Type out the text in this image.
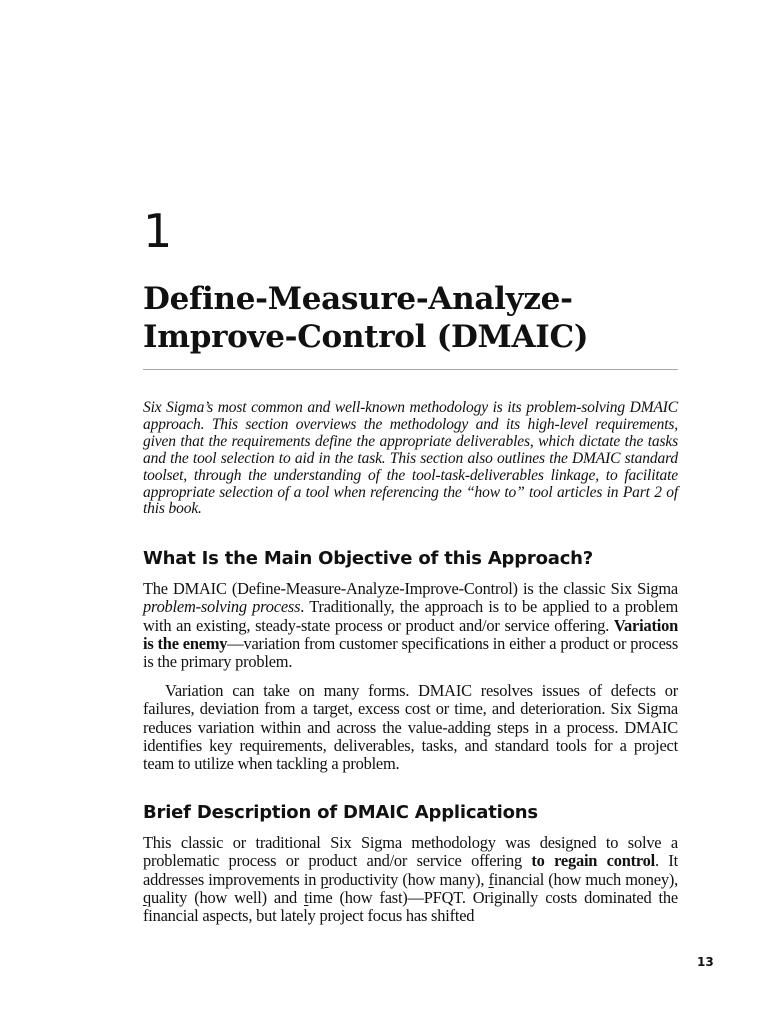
1
Define-Measure-Analyze-
Improve-Control (DMAIC)

Six Sigma’s most common and well-known methodology is its problem-solving DMAIC approach. This section overviews the methodology and its high-level requirements, given that the requirements define the appropriate deliverables, which dictate the tasks and the tool selection to aid in the task. This section also outlines the DMAIC standard toolset, through the understanding of the tool-task-deliverables linkage, to facilitate appropriate selection of a tool when referencing the “how to” tool articles in Part 2 of this book.

What Is the Main Objective of this Approach?

The DMAIC (Define-Measure-Analyze-Improve-Control) is the classic Six Sigma problem-solving process. Traditionally, the approach is to be applied to a problem with an existing, steady-state process or product and/or service offering. Variation is the enemy—variation from customer specifications in either a product or process is the primary problem.

Variation can take on many forms. DMAIC resolves issues of defects or failures, deviation from a target, excess cost or time, and deterioration. Six Sigma reduces variation within and across the value-adding steps in a process. DMAIC identifies key requirements, deliverables, tasks, and standard tools for a project team to utilize when tackling a problem.

Brief Description of DMAIC Applications

This classic or traditional Six Sigma methodology was designed to solve a problematic process or product and/or service offering to regain control. It addresses improvements in productivity (how many), financial (how much money), quality (how well) and time (how fast)—PFQT. Originally costs dominated the financial aspects, but lately project focus has shifted

13
